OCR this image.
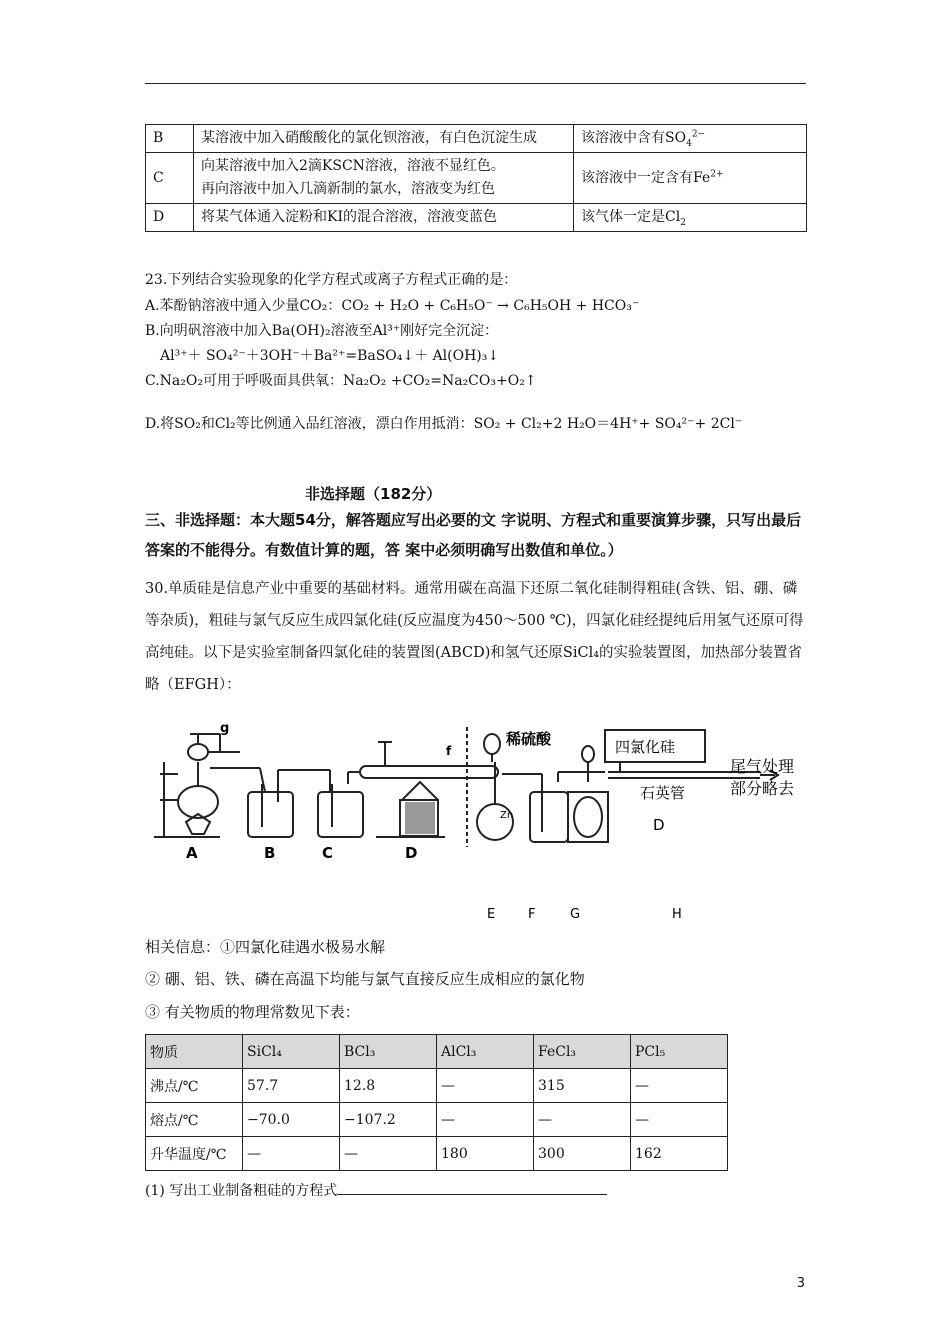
B	某溶液中加入硝酸酸化的氯化钡溶液，有白色沉淀生成	该溶液中含有$SO_4^{2-}$
C	向某溶液中加入2滴KSCN溶液，溶液不显红色。
再向溶液中加入几滴新制的氯水，溶液变为红色	该溶液中一定含有$Fe^{2+}$
D	将某气体通入淀粉和KI的混合溶液，溶液变蓝色	该气体一定是$Cl_2$
23.下列结合实验现象的化学方程式或离子方程式正确的是：
A.苯酚钠溶液中通入少量CO₂：CO₂ + H₂O + C₆H₅O⁻ → C₆H₅OH + HCO₃⁻
B.向明矾溶液中加入Ba(OH)₂溶液至Al³⁺刚好完全沉淀：
Al³⁺＋ SO₄²⁻＋3OH⁻＋Ba²⁺=BaSO₄↓＋ Al(OH)₃↓
C.Na₂O₂可用于呼吸面具供氧：Na₂O₂ +CO₂=Na₂CO₃+O₂↑
D.将SO₂和Cl₂等比例通入品红溶液，漂白作用抵消：SO₂ + Cl₂+2 H₂O＝4H⁺+ SO₄²⁻+ 2Cl⁻
非选择题（182分）
三、非选择题：本大题54分，解答题应写出必要的文 字说明、方程式和重要演算步骤，只写出最后答案的不能得分。有数值计算的题，答 案中必须明确写出数值和单位。）
30.单质硅是信息产业中重要的基础材料。通常用碳在高温下还原二氧化硅制得粗硅(含铁、铝、硼、磷等杂质)，粗硅与氯气反应生成四氯化硅(反应温度为450～500 ℃)，四氯化硅经提纯后用氢气还原可得高纯硅。以下是实验室制备四氯化硅的装置图(ABCD)和氢气还原SiCl₄的实验装置图，加热部分装置省略（EFGH）：
g
f
稀硫酸
Zn
四氯化硅
石英管
尾气处理
部分略去
D
A	B	C	D
E	F	G	H
相关信息：①四氯化硅遇水极易水解
② 硼、铝、铁、磷在高温下均能与氯气直接反应生成相应的氯化物
③ 有关物质的物理常数见下表：
物质	SiCl₄	BCl₃	AlCl₃	FeCl₃	PCl₅
沸点/℃	57.7	12.8	—	315	—
熔点/℃	−70.0	−107.2	—	—	—
升华温度/℃	—	—	180	300	162
(1) 写出工业制备粗硅的方程式
3
